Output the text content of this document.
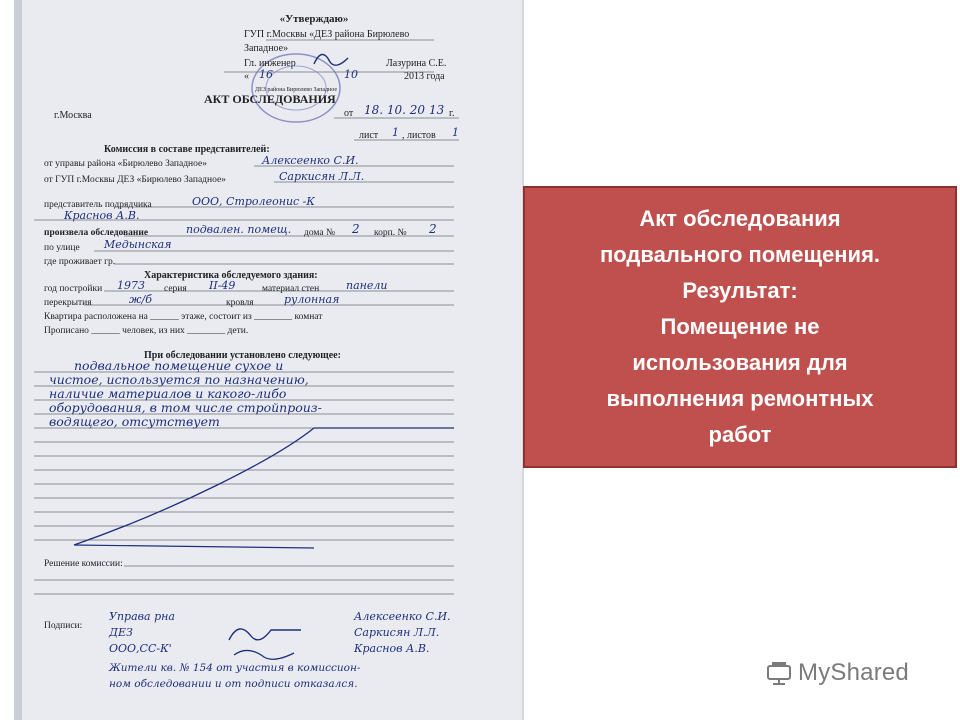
ДЕЗ района Бирюлево Западное
«Утверждаю»
ГУП г.Москвы «ДЕЗ района Бирюлево
Западное»
Гл. инженер	Лазурина С.Е.
« 16	10	2013 года
АКТ ОБСЛЕДОВАНИЯ
г.Москва	от 18. 10. 20 13 г.
лист 1 , листов 1
Комиссия в составе представителей:
от управы района «Бирюлево Западное»	Алексеенко С.И.
от ГУП г.Москвы ДЕЗ «Бирюлево Западное»	Саркисян Л.Л.
представитель подрядчика	ООО, Стролеонис -К
Краснов А.В.
произвела обследование	подвален. помещ. дома № 2 корп. № 2
по улице Медынская
где проживает гр.
Характеристика обследуемого здания:
год постройки 1973 серия II-49	материал стен панели
перекрытия	ж/б	кровля	рулонная
Квартира расположена на ______ этаже, состоит из ________ комнат
Прописано ______ человек, из них ________ дети.
При обследовании установлено следующее:
подвальное помещение сухое и
чистое, используется по назначению,
наличие материалов и какого-либо
оборудования, в том числе стройпроиз-
водящего, отсутствует
Решение комиссии:
Подписи:
Управа рна
ДЕЗ
ООО,СС-К'
Алексеенко С.И.
Саркисян Л.Л.
Краснов А.В.
Жители кв. № 154 от участия в комиссион-
ном обследовании и от подписи отказался.
Акт обследования
подвального помещения.
Результат:
Помещение не
использования для
выполнения ремонтных
работ
MyShared
